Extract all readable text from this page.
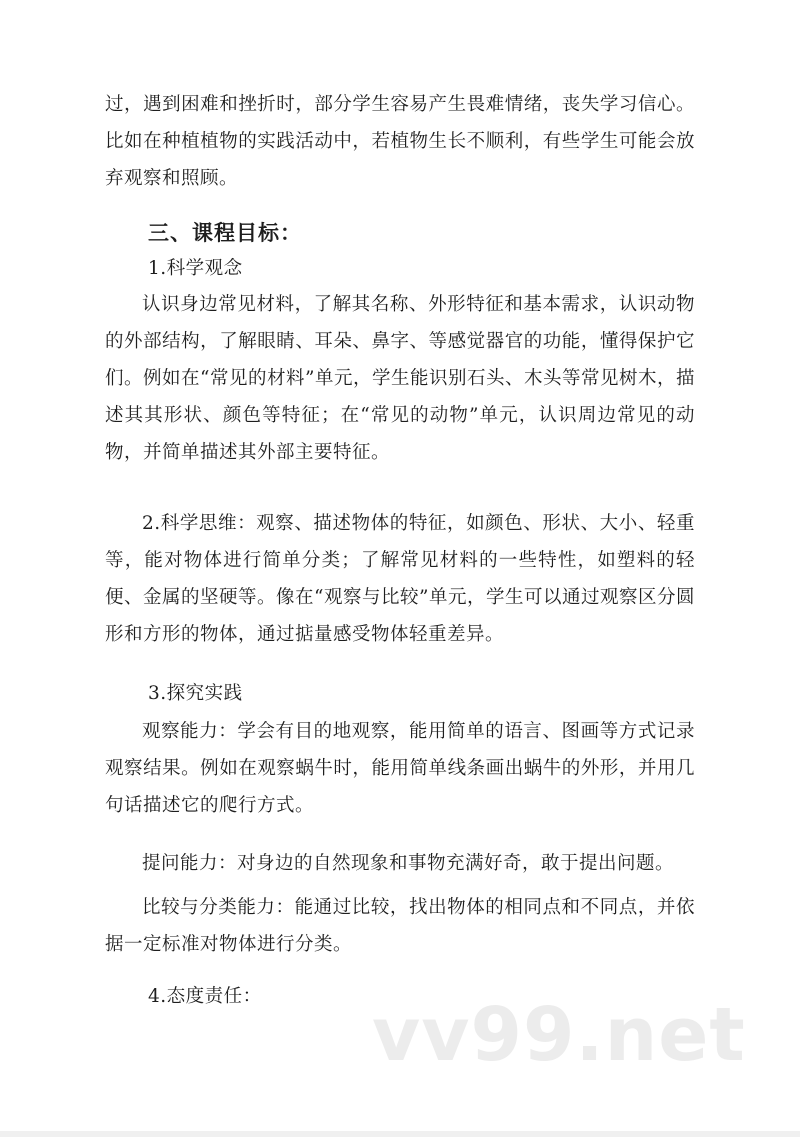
过，遇到困难和挫折时，部分学生容易产生畏难情绪，丧失学习信心。比如在种植植物的实践活动中，若植物生长不顺利，有些学生可能会放弃观察和照顾。

三、课程目标：

1.科学观念

认识身边常见材料，了解其名称、外形特征和基本需求，认识动物的外部结构，了解眼睛、耳朵、鼻字、等感觉器官的功能，懂得保护它们。例如在“常见的材料”单元，学生能识别石头、木头等常见树木，描述其其形状、颜色等特征；在“常见的动物”单元，认识周边常见的动物，并简单描述其外部主要特征。

2.科学思维：观察、描述物体的特征，如颜色、形状、大小、轻重等，能对物体进行简单分类；了解常见材料的一些特性，如塑料的轻便、金属的坚硬等。像在“观察与比较”单元，学生可以通过观察区分圆形和方形的物体，通过掂量感受物体轻重差异。

3.探究实践

观察能力：学会有目的地观察，能用简单的语言、图画等方式记录观察结果。例如在观察蜗牛时，能用简单线条画出蜗牛的外形，并用几句话描述它的爬行方式。

提问能力：对身边的自然现象和事物充满好奇，敢于提出问题。

比较与分类能力：能通过比较，找出物体的相同点和不同点，并依据一定标准对物体进行分类。

4.态度责任： vv99.net
